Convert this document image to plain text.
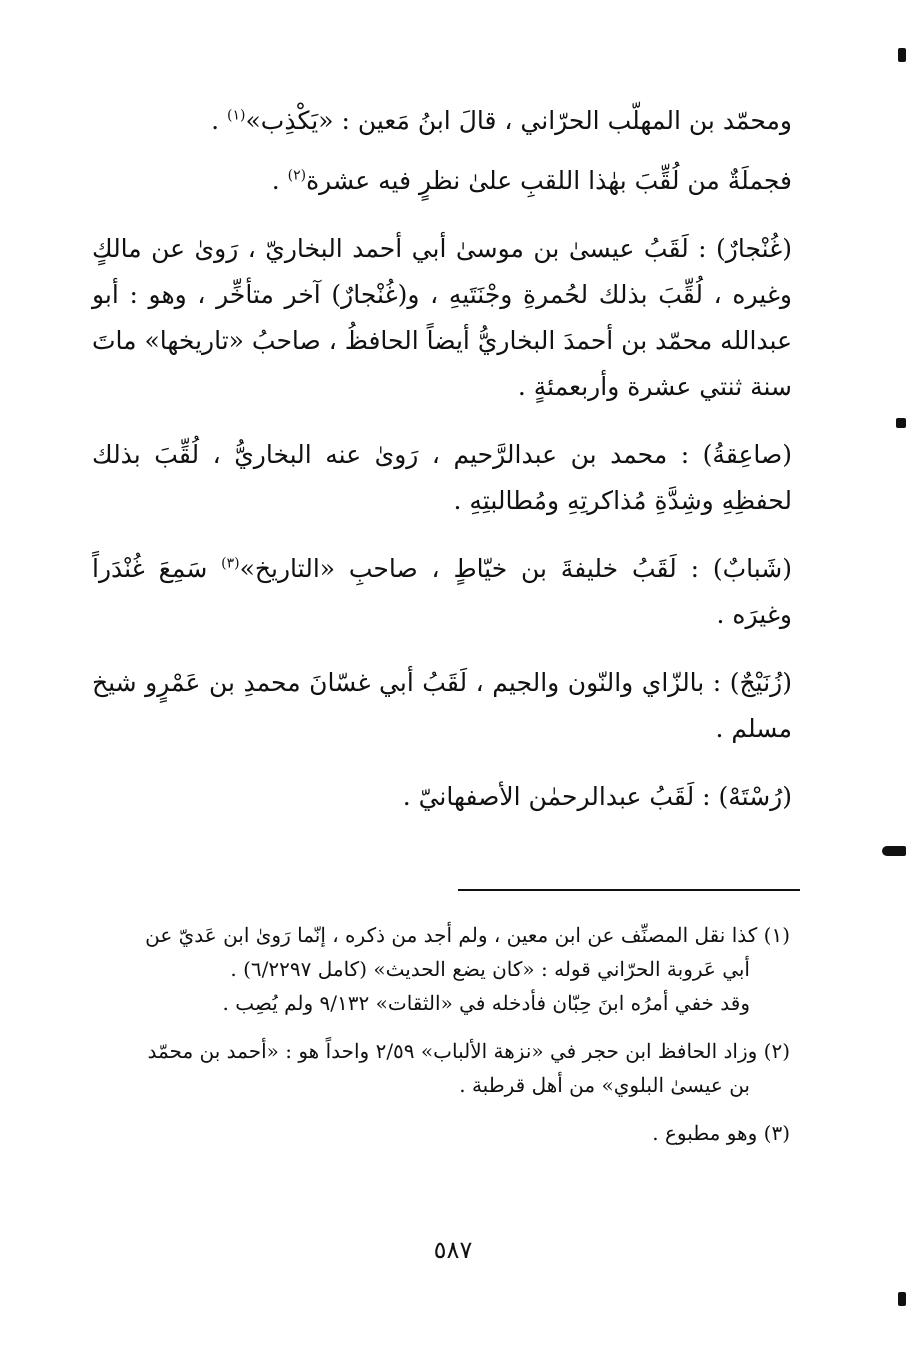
ومحمّد بن المهلّب الحرّاني ، قالَ ابنُ مَعين : «يَكْذِب»$^{(١)}$ .

فجملَةٌ من لُقِّبَ بهٰذا اللقبِ علىٰ نظرٍ فيه عشرة$^{(٢)}$ .

(غُنْجارٌ) : لَقَبُ عيسىٰ بن موسىٰ أبي أحمد البخاريّ ، رَوىٰ عن مالكٍ وغيره ، لُقِّبَ بذلك لحُمرةِ وجْنَتَيهِ ، و(غُنْجارٌ) آخر متأخِّر ، وهو : أبو عبدالله محمّد بن أحمدَ البخاريُّ أيضاً الحافظُ ، صاحبُ «تاريخها» ماتَ سنة ثنتي عشرة وأربعمئةٍ .

(صاعِقةُ) : محمد بن عبدالرَّحيم ، رَوىٰ عنه البخاريُّ ، لُقِّبَ بذلك لحفظِهِ وشِدَّةِ مُذاكرتِهِ ومُطالبتِهِ .

(شَبابٌ) : لَقَبُ خليفةَ بن خيّاطٍ ، صاحبِ «التاريخ»$^{(٣)}$ سَمِعَ غُنْدَراً وغيرَه .

(زُنَيْجٌ) : بالزّاي والنّون والجيم ، لَقَبُ أبي غسّانَ محمدِ بن عَمْرٍو شيخ مسلم .

(رُسْتَهْ) : لَقَبُ عبدالرحمٰن الأصفهانيّ .

(١) كذا نقل المصنِّف عن ابن معين ، ولم أجد من ذكره ، إنّما رَوىٰ ابن عَديّ عن
أبي عَروبة الحرّاني قوله : «كان يضع الحديث» (كامل ٦/٢٢٩٧) .
وقد خفي أمرُه ابنَ حِبّان فأدخله في «الثقات» ٩/١٣٢ ولم يُصِب .

(٢) وزاد الحافظ ابن حجر في «نزهة الألباب» ٢/٥٩ واحداً هو : «أحمد بن محمّد
بن عيسىٰ البلوي» من أهل قرطبة .

(٣) وهو مطبوع .

٥٨٧
